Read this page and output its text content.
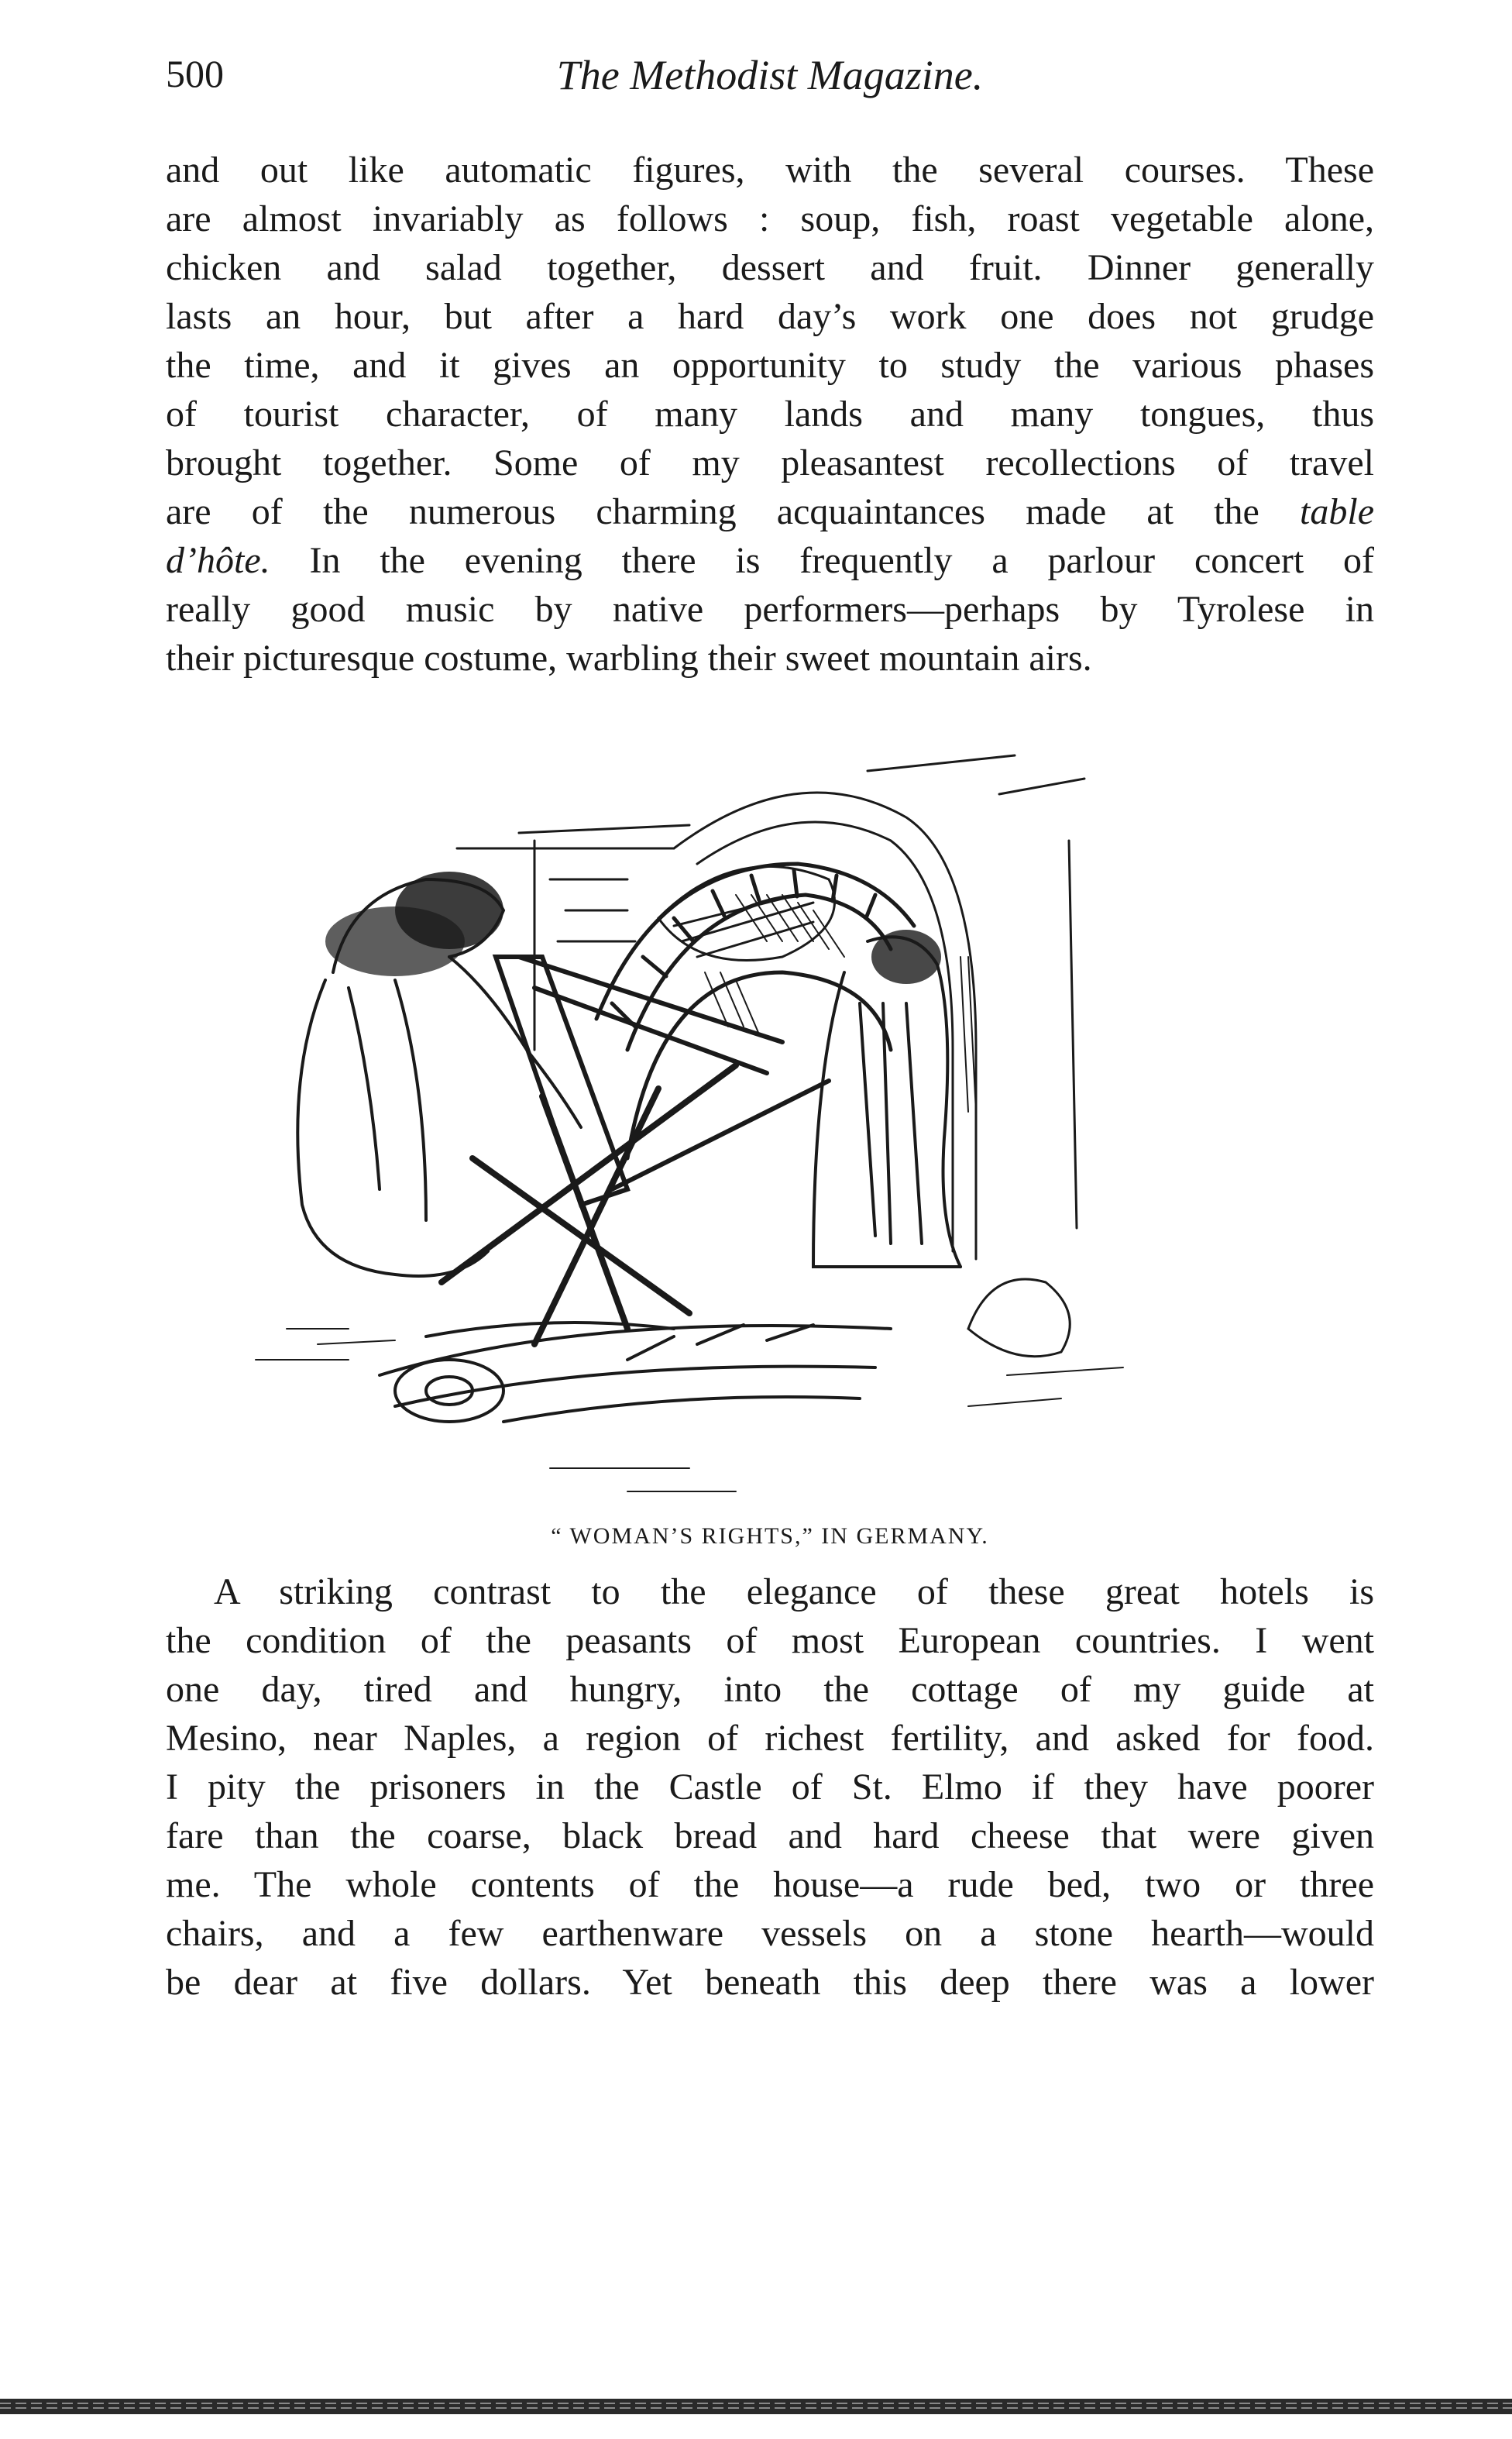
500	The Methodist Magazine.
and out like automatic figures, with the several courses. These
are almost invariably as follows : soup, fish, roast vegetable alone,
chicken and salad together, dessert and fruit. Dinner generally
lasts an hour, but after a hard day’s work one does not grudge
the time, and it gives an opportunity to study the various phases
of tourist character, of many lands and many tongues, thus
brought together. Some of my pleasantest recollections of travel
are of the numerous charming acquaintances made at the table
d’hôte. In the evening there is frequently a parlour concert of
really good music by native performers—perhaps by Tyrolese in
their picturesque costume, warbling their sweet mountain airs.
“ WOMAN’S RIGHTS,” IN GERMANY.
A striking contrast to the elegance of these great hotels is
the condition of the peasants of most European countries. I went
one day, tired and hungry, into the cottage of my guide at
Mesino, near Naples, a region of richest fertility, and asked for food.
I pity the prisoners in the Castle of St. Elmo if they have poorer
fare than the coarse, black bread and hard cheese that were given
me. The whole contents of the house—a rude bed, two or three
chairs, and a few earthenware vessels on a stone hearth—would
be dear at five dollars. Yet beneath this deep there was a lower
